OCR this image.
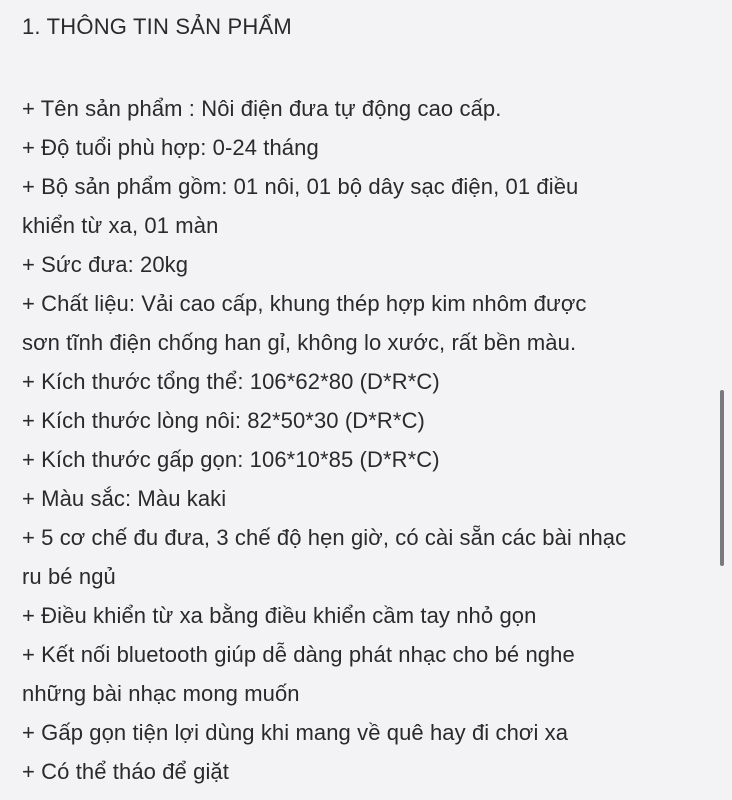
1. THÔNG TIN SẢN PHẨM
+ Tên sản phẩm : Nôi điện đưa tự động cao cấp.
+ Độ tuổi phù hợp: 0-24 tháng
+ Bộ sản phẩm gồm: 01 nôi, 01 bộ dây sạc điện, 01 điều
khiển từ xa, 01 màn
+ Sức đưa: 20kg
+ Chất liệu: Vải cao cấp, khung thép hợp kim nhôm được
sơn tĩnh điện chống han gỉ, không lo xước, rất bền màu.
+ Kích thước tổng thể: 106*62*80 (D*R*C)
+ Kích thước lòng nôi: 82*50*30 (D*R*C)
+ Kích thước gấp gọn: 106*10*85 (D*R*C)
+ Màu sắc: Màu kaki
+ 5 cơ chế đu đưa, 3 chế độ hẹn giờ, có cài sẵn các bài nhạc
ru bé ngủ
+ Điều khiển từ xa bằng điều khiển cầm tay nhỏ gọn
+ Kết nối bluetooth giúp dễ dàng phát nhạc cho bé nghe
những bài nhạc mong muốn
+ Gấp gọn tiện lợi dùng khi mang về quê hay đi chơi xa
+ Có thể tháo để giặt
